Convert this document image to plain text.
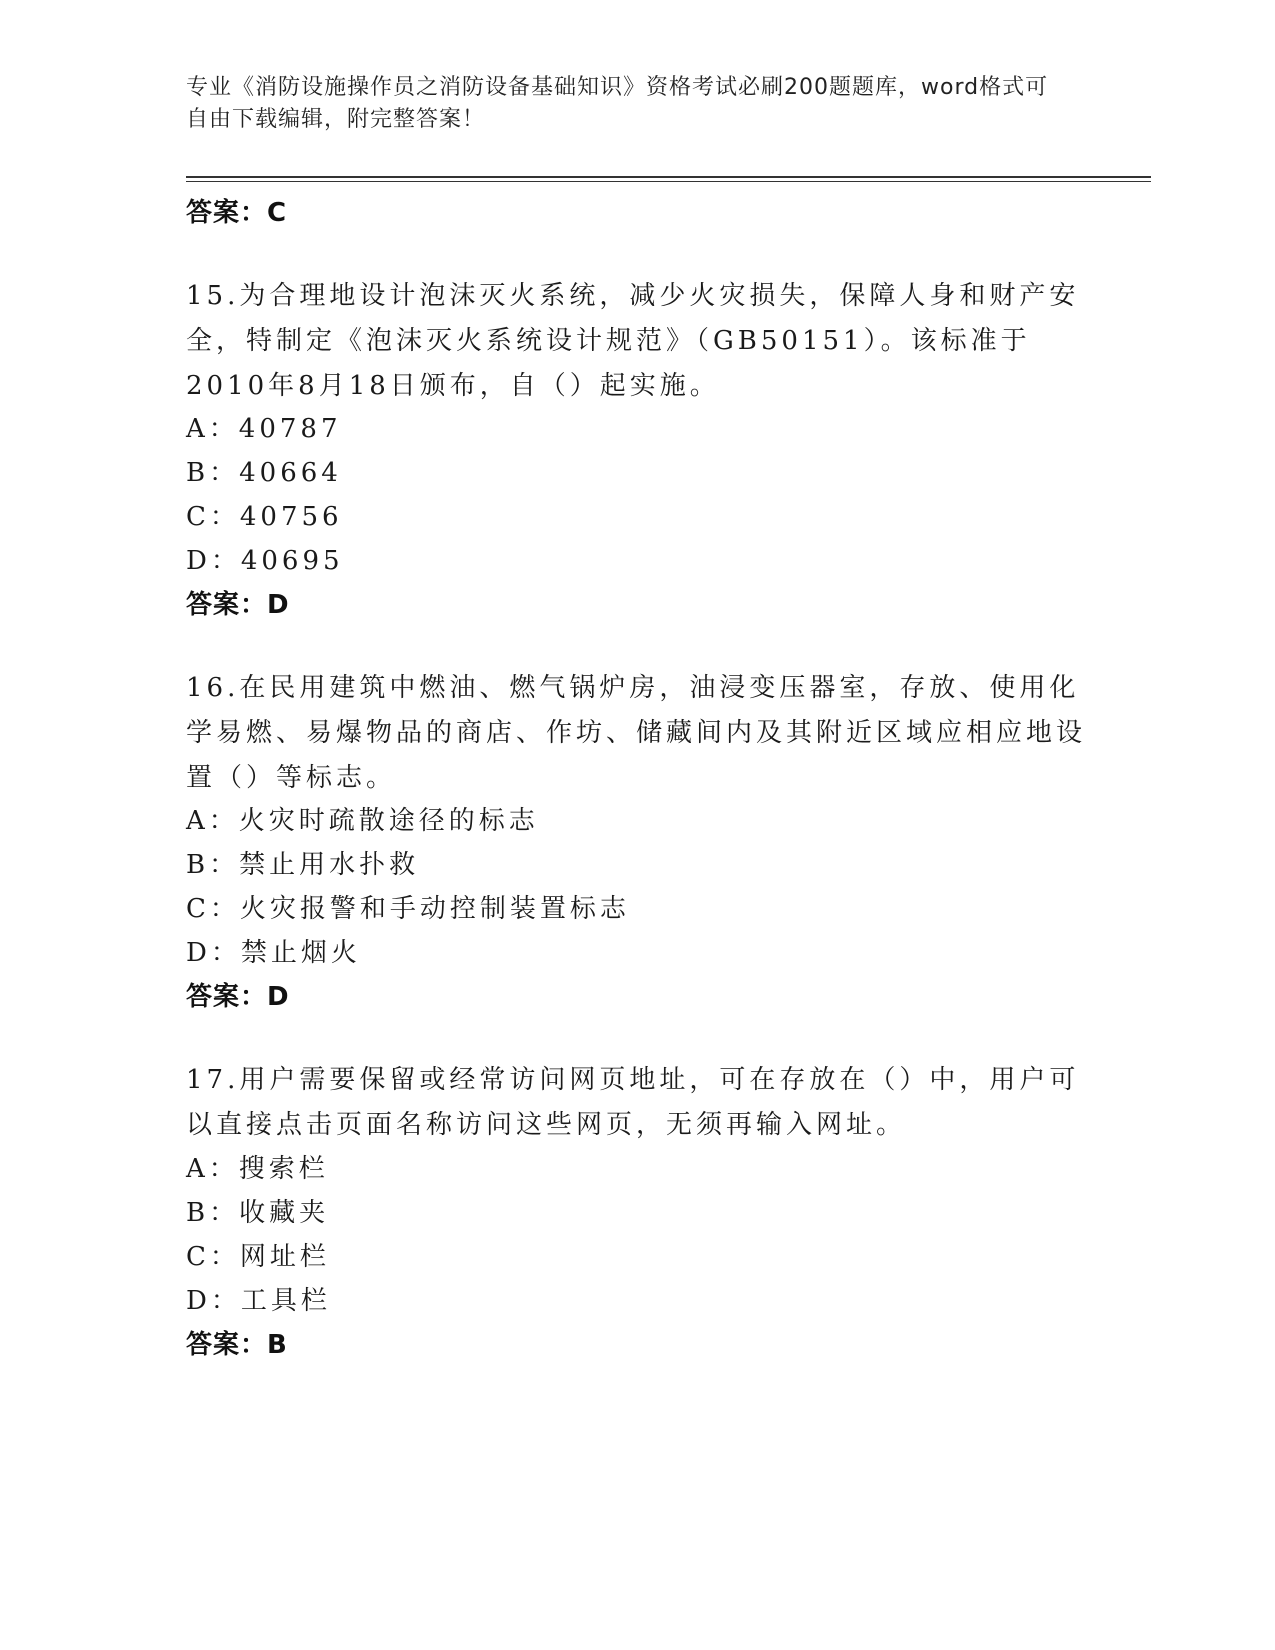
专业《消防设施操作员之消防设备基础知识》资格考试必刷200题题库，word格式可自由下载编辑，附完整答案！
答案：C
15.为合理地设计泡沫灭火系统，减少火灾损失，保障人身和财产安全，特制定《泡沫灭火系统设计规范》（GB50151）。该标准于2010年8月18日颁布，自（）起实施。
A：40787
B：40664
C：40756
D：40695
答案：D
16.在民用建筑中燃油、燃气锅炉房，油浸变压器室，存放、使用化学易燃、易爆物品的商店、作坊、储藏间内及其附近区域应相应地设置（）等标志。
A：火灾时疏散途径的标志
B：禁止用水扑救
C：火灾报警和手动控制装置标志
D：禁止烟火
答案：D
17.用户需要保留或经常访问网页地址，可在存放在（）中，用户可以直接点击页面名称访问这些网页，无须再输入网址。
A：搜索栏
B：收藏夹
C：网址栏
D：工具栏
答案：B
